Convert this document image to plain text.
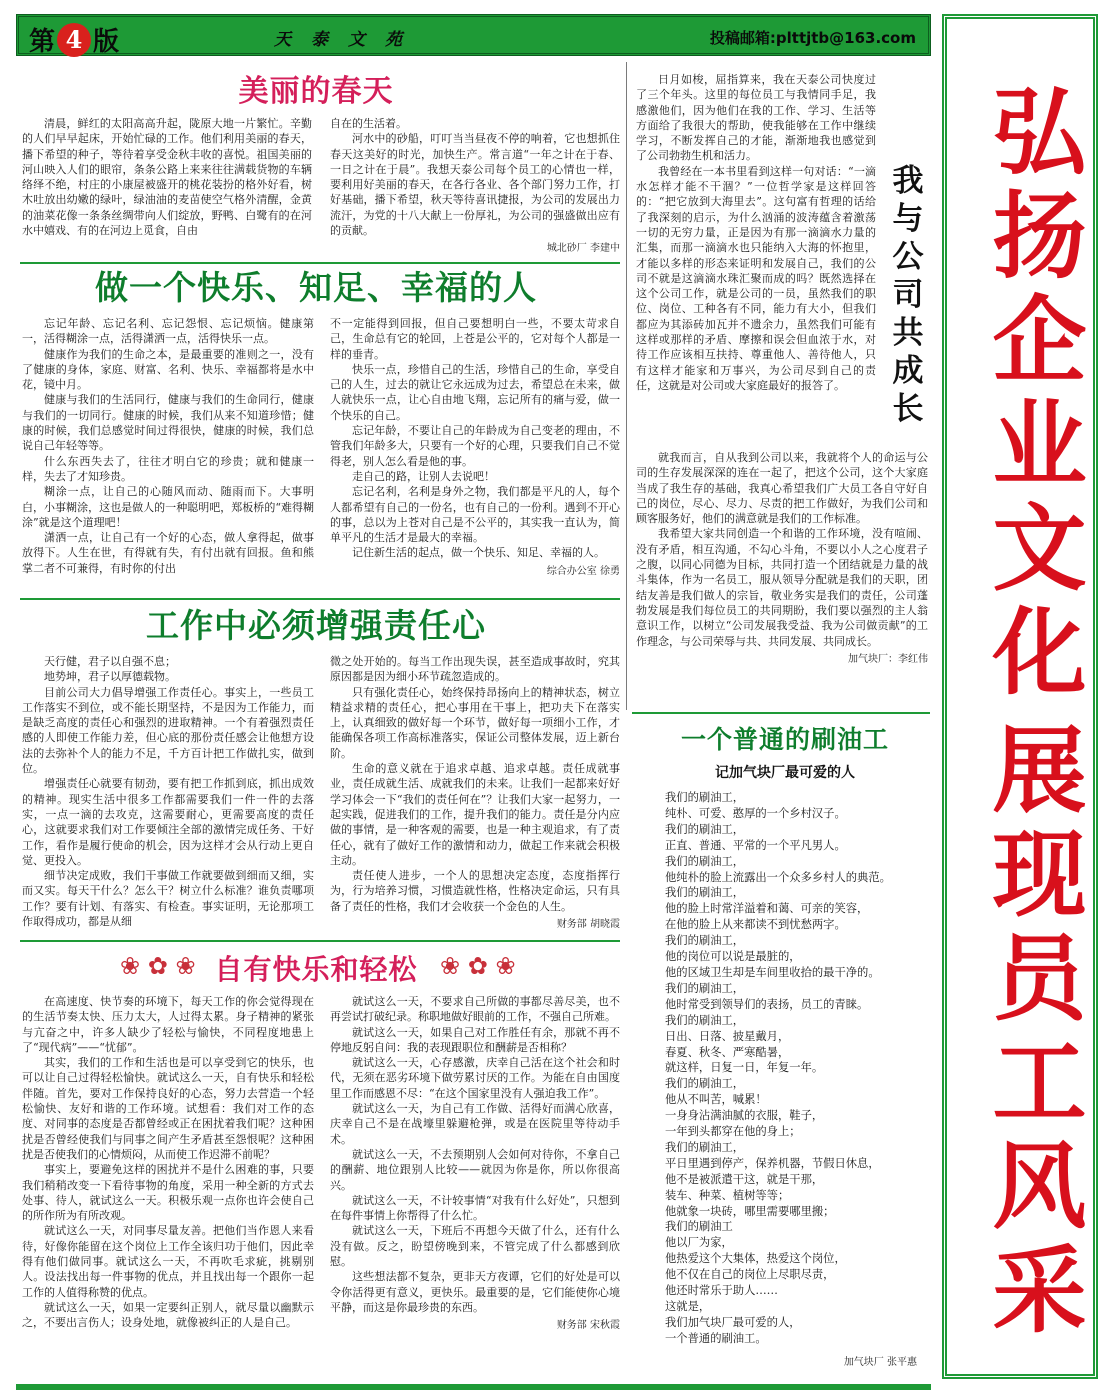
第 4 版	天泰文苑	投稿邮箱:plttjtb@163.com
弘
扬
企
业
文
化
展
现
员
工
风
采
美丽的春天

清晨，鲜红的太阳高高升起，陇原大地一片繁忙。辛勤的人们早早起床，开始忙碌的工作。他们利用美丽的春天，播下希望的种子，等待着享受金秋丰收的喜悦。祖国美丽的河山映入人们的眼帘，条条公路上来来往往满载货物的车辆络绎不绝，村庄的小康屋被盛开的桃花装扮的格外好看，树木吐放出幼嫩的绿叶，绿油油的麦苗使空气格外清醒，金黄的油菜花像一条条丝绸带向人们绽放，野鸭、白鹭有的在河水中嬉戏、有的在河边上觅食，自由

自在的生活着。

河水中的砂船，叮叮当当昼夜不停的响着，它也想抓住春天这美好的时光，加快生产。常言道“一年之计在于春、一日之计在于晨”。我想天泰公司每个员工的心情也一样，要利用好美丽的春天，在各行各业、各个部门努力工作，打好基础，播下希望，秋天等待喜讯捷报，为公司的发展出力流汗，为党的十八大献上一份厚礼，为公司的强盛做出应有的贡献。

城北砂厂 李建中
做一个快乐、知足、幸福的人

忘记年龄、忘记名利、忘记怨恨、忘记烦恼。健康第一，活得糊涂一点，活得潇洒一点，活得快乐一点。

健康作为我们的生命之本，是最重要的准则之一，没有了健康的身体，家庭、财富、名利、快乐、幸福都将是水中花，镜中月。

健康与我们的生活同行，健康与我们的生命同行，健康与我们的一切同行。健康的时候，我们从来不知道珍惜；健康的时候，我们总感觉时间过得很快，健康的时候，我们总说自己年轻等等。

什么东西失去了，往往才明白它的珍贵；就和健康一样，失去了才知珍贵。

糊涂一点，让自己的心随风而动、随雨而下。大事明白，小事糊涂，这也是做人的一种聪明吧，郑板桥的“难得糊涂”就是这个道理吧！

潇洒一点，让自己有一个好的心态，做人拿得起，做事放得下。人生在世，有得就有失，有付出就有回报。鱼和熊掌二者不可兼得，有时你的付出

不一定能得到回报，但自己要想明白一些，不要太苛求自己，生命总有它的轮回，上苍是公平的，它对每个人都是一样的垂青。

快乐一点，珍惜自己的生活，珍惜自己的生命，享受自己的人生，过去的就让它永远成为过去，希望总在未来，做人就快乐一点，让心自由地飞翔，忘记所有的痛与爱，做一个快乐的自己。

忘记年龄，不要让自己的年龄成为自己变老的理由，不管我们年龄多大，只要有一个好的心理，只要我们自己不觉得老，别人怎么看是他的事。

走自己的路，让别人去说吧！

忘记名利，名利是身外之物，我们都是平凡的人，每个人都希望有自己的一份名，也有自己的一份利。遇到不开心的事，总以为上苍对自己是不公平的，其实我一直认为，简单平凡的生活才是最大的幸福。

记住新生活的起点，做一个快乐、知足、幸福的人。

综合办公室 徐勇
工作中必须增强责任心

天行健，君子以自强不息；

地势坤，君子以厚德载物。

目前公司大力倡导增强工作责任心。事实上，一些员工工作落实不到位，或不能长期坚持，不是因为工作能力，而是缺乏高度的责任心和强烈的进取精神。一个有着强烈责任感的人即使工作能力差，但心底的那份责任感会让他想方设法的去弥补个人的能力不足，千方百计把工作做扎实，做到位。

增强责任心就要有韧劲，要有把工作抓到底，抓出成效的精神。现实生活中很多工作都需要我们一件一件的去落实，一点一滴的去攻克，这需要耐心，更需要高度的责任心，这就要求我们对工作要倾注全部的激情完成任务、干好工作，看作是履行使命的机会，因为这样才会从行动上更自觉、更投入。

细节决定成败，我们干事做工作就要做到细而又细，实而又实。每天干什么？怎么干？树立什么标准？谁负责哪项工作？要有计划、有落实、有检查。事实证明，无论那项工作取得成功，都是从细

微之处开始的。每当工作出现失误，甚至造成事故时，究其原因都是因为细小环节疏忽造成的。

只有强化责任心，始终保持昂扬向上的精神状态，树立精益求精的责任心，把心事用在干事上，把功夫下在落实上，认真细致的做好每一个环节，做好每一项细小工作，才能确保各项工作高标准落实，保证公司整体发展，迈上新台阶。

生命的意义就在于追求卓越、追求卓越。责任成就事业，责任成就生活、成就我们的未来。让我们一起都来好好学习体会一下“我们的责任何在”？让我们大家一起努力，一起实践，促进我们的工作，提升我们的能力。责任是分内应做的事情，是一种客观的需要，也是一种主观追求，有了责任心，就有了做好工作的激情和动力，做起工作来就会积极主动。

责任使人进步，一个人的思想决定态度，态度指挥行为，行为培养习惯，习惯造就性格，性格决定命运，只有具备了责任的性格，我们才会收获一个金色的人生。

财务部 胡晓霞
❀ ✿ ❀ 自有快乐和轻松 ❀ ✿ ❀

在高速度、快节奏的环境下，每天工作的你会觉得现在的生活节奏太快、压力太大，人过得太累。身子精神的紧张与亢奋之中，许多人缺少了轻松与愉快，不同程度地患上了“现代病”——“忧郁”。

其实，我们的工作和生活也是可以享受到它的快乐，也可以让自己过得轻松愉快。就试这么一天，自有快乐和轻松伴随。首先，要对工作保持良好的心态，努力去营造一个轻松愉快、友好和谐的工作环境。试想看：我们对工作的态度、对同事的态度是否都曾经或正在困扰着我们呢？这种困扰是否曾经使我们与同事之间产生矛盾甚至怨恨呢？这种困扰是否使我们的心情烦闷，从而使工作迟滞不前呢？

事实上，要避免这样的困扰并不是什么困难的事，只要我们稍稍改变一下看待事物的角度，采用一种全新的方式去处事、待人，就试这么一天。积极乐观一点你也许会使自己的所作所为有所改观。

就试这么一天，对同事尽量友善。把他们当作恩人来看待，好像你能留在这个岗位上工作全该归功于他们，因此幸得有他们做同事。就试这么一天，不再吹毛求疵，挑剔别人。设法找出每一件事物的优点，并且找出每一个跟你一起工作的人值得称赞的优点。

就试这么一天，如果一定要纠正别人，就尽量以幽默示之，不要出言伤人；设身处地，就像被纠正的人是自己。

就试这么一天，不要求自己所做的事都尽善尽美，也不再尝试打破纪录。称职地做好眼前的工作，不强自己所难。

就试这么一天，如果自己对工作胜任有余，那就不再不停地反躬自问：我的表现跟职位和酬薪是否相称？

就试这么一天，心存感激，庆幸自己活在这个社会和时代，无须在恶劣环境下做劳累讨厌的工作。为能在自由国度里工作而感恩不尽：“在这个国家里没有人强迫我工作”。

就试这么一天，为自己有工作做、活得好而满心欣喜，庆幸自己不是在战壕里躲避枪弹，或是在医院里等待动手术。

就试这么一天，不去预期别人会如何对待你，不拿自己的酬薪、地位跟别人比较——就因为你是你，所以你很高兴。

就试这么一天，不计较事情“对我有什么好处”，只想到在每件事情上你帮得了什么忙。

就试这么一天，下班后不再想今天做了什么，还有什么没有做。反之，盼望傍晚到来，不管完成了什么都感到欣慰。

这些想法都不复杂，更非天方夜谭，它们的好处是可以令你活得更有意义，更快乐。最重要的是，它们能使你心境平静，而这是你最珍贵的东西。

财务部 宋秋霞
我
与
公
司
共
成
长

日月如梭，屈指算来，我在天泰公司快度过了三个年头。这里的每位员工与我情同手足，我感激他们，因为他们在我的工作、学习、生活等方面给了我很大的帮助，使我能够在工作中继续学习，不断发挥自己的才能，渐渐地我也感觉到了公司勃勃生机和活力。

我曾经在一本书里看到这样一句对话：“一滴水怎样才能不干涸？”一位哲学家是这样回答的：“把它放到大海里去”。这句富有哲理的话给了我深刻的启示，为什么汹涌的波涛蕴含着激荡一切的无穷力量，正是因为有那一滴滴水力量的汇集，而那一滴滴水也只能纳入大海的怀抱里，才能以多样的形态来证明和发展自己，我们的公司不就是这滴滴水珠汇聚而成的吗？既然选择在这个公司工作，就是公司的一员，虽然我们的职位、岗位、工种各有不同，能力有大小，但我们都应为其添砖加瓦并不遗余力，虽然我们可能有这样或那样的矛盾、摩擦和误会但血浓于水，对待工作应该相互扶持、尊重他人、善待他人，只有这样才能家和万事兴，为公司尽到自己的责任，这就是对公司或大家庭最好的报答了。

就我而言，自从我到公司以来，我就将个人的命运与公司的生存发展深深的连在一起了，把这个公司，这个大家庭当成了我生存的基础，我真心希望我们广大员工各自守好自己的岗位，尽心、尽力、尽责的把工作做好，为我们公司和顾客服务好，他们的满意就是我们的工作标准。

我希望大家共同创造一个和谐的工作环境，没有喧闹、没有矛盾，相互沟通，不勾心斗角，不要以小人之心度君子之腹，以同心同德为目标，共同打造一个团结就是力量的战斗集体，作为一名员工，服从领导分配就是我们的天职，团结友善是我们做人的宗旨，敬业务实是我们的责任，公司蓬勃发展是我们每位员工的共同期盼，我们要以强烈的主人翁意识工作，以树立“公司发展我受益、我为公司做贡献”的工作理念，与公司荣辱与共、共同发展、共同成长。

加气块厂：李红伟
一个普通的刷油工
记加气块厂最可爱的人
我们的刷油工，
纯朴、可爱、憨厚的一个乡村汉子。
我们的刷油工，
正直、普通、平常的一个平凡男人。
我们的刷油工，
他纯朴的脸上流露出一个众多乡村人的典范。
我们的刷油工，
他的脸上时常洋溢着和蔼、可亲的笑容，
在他的脸上从来都读不到忧愁两字。
我们的刷油工，
他的岗位可以说是最脏的，
他的区域卫生却是车间里收拾的最干净的。
我们的刷油工，
他时常受到领导们的表扬，员工的青睐。
我们的刷油工，
日出、日落、披星戴月，
春夏、秋冬、严寒酷暑，
就这样，日复一日，年复一年。
我们的刷油工，
他从不叫苦，喊累！
一身身沾满油腻的衣服，鞋子，
一年到头都穿在他的身上；
我们的刷油工，
平日里遇到停产，保养机器，节假日休息，
他不是被派遣干这，就是干那，
装车、种菜、植树等等；
他就象一块砖，哪里需要哪里搬；
我们的刷油工
他以厂为家，
他热爱这个大集体，热爱这个岗位，
他不仅在自己的岗位上尽职尽责，
他还时常乐于助人……
这就是，
我们加气块厂最可爱的人，
一个普通的刷油工。
加气块厂 张平惠
